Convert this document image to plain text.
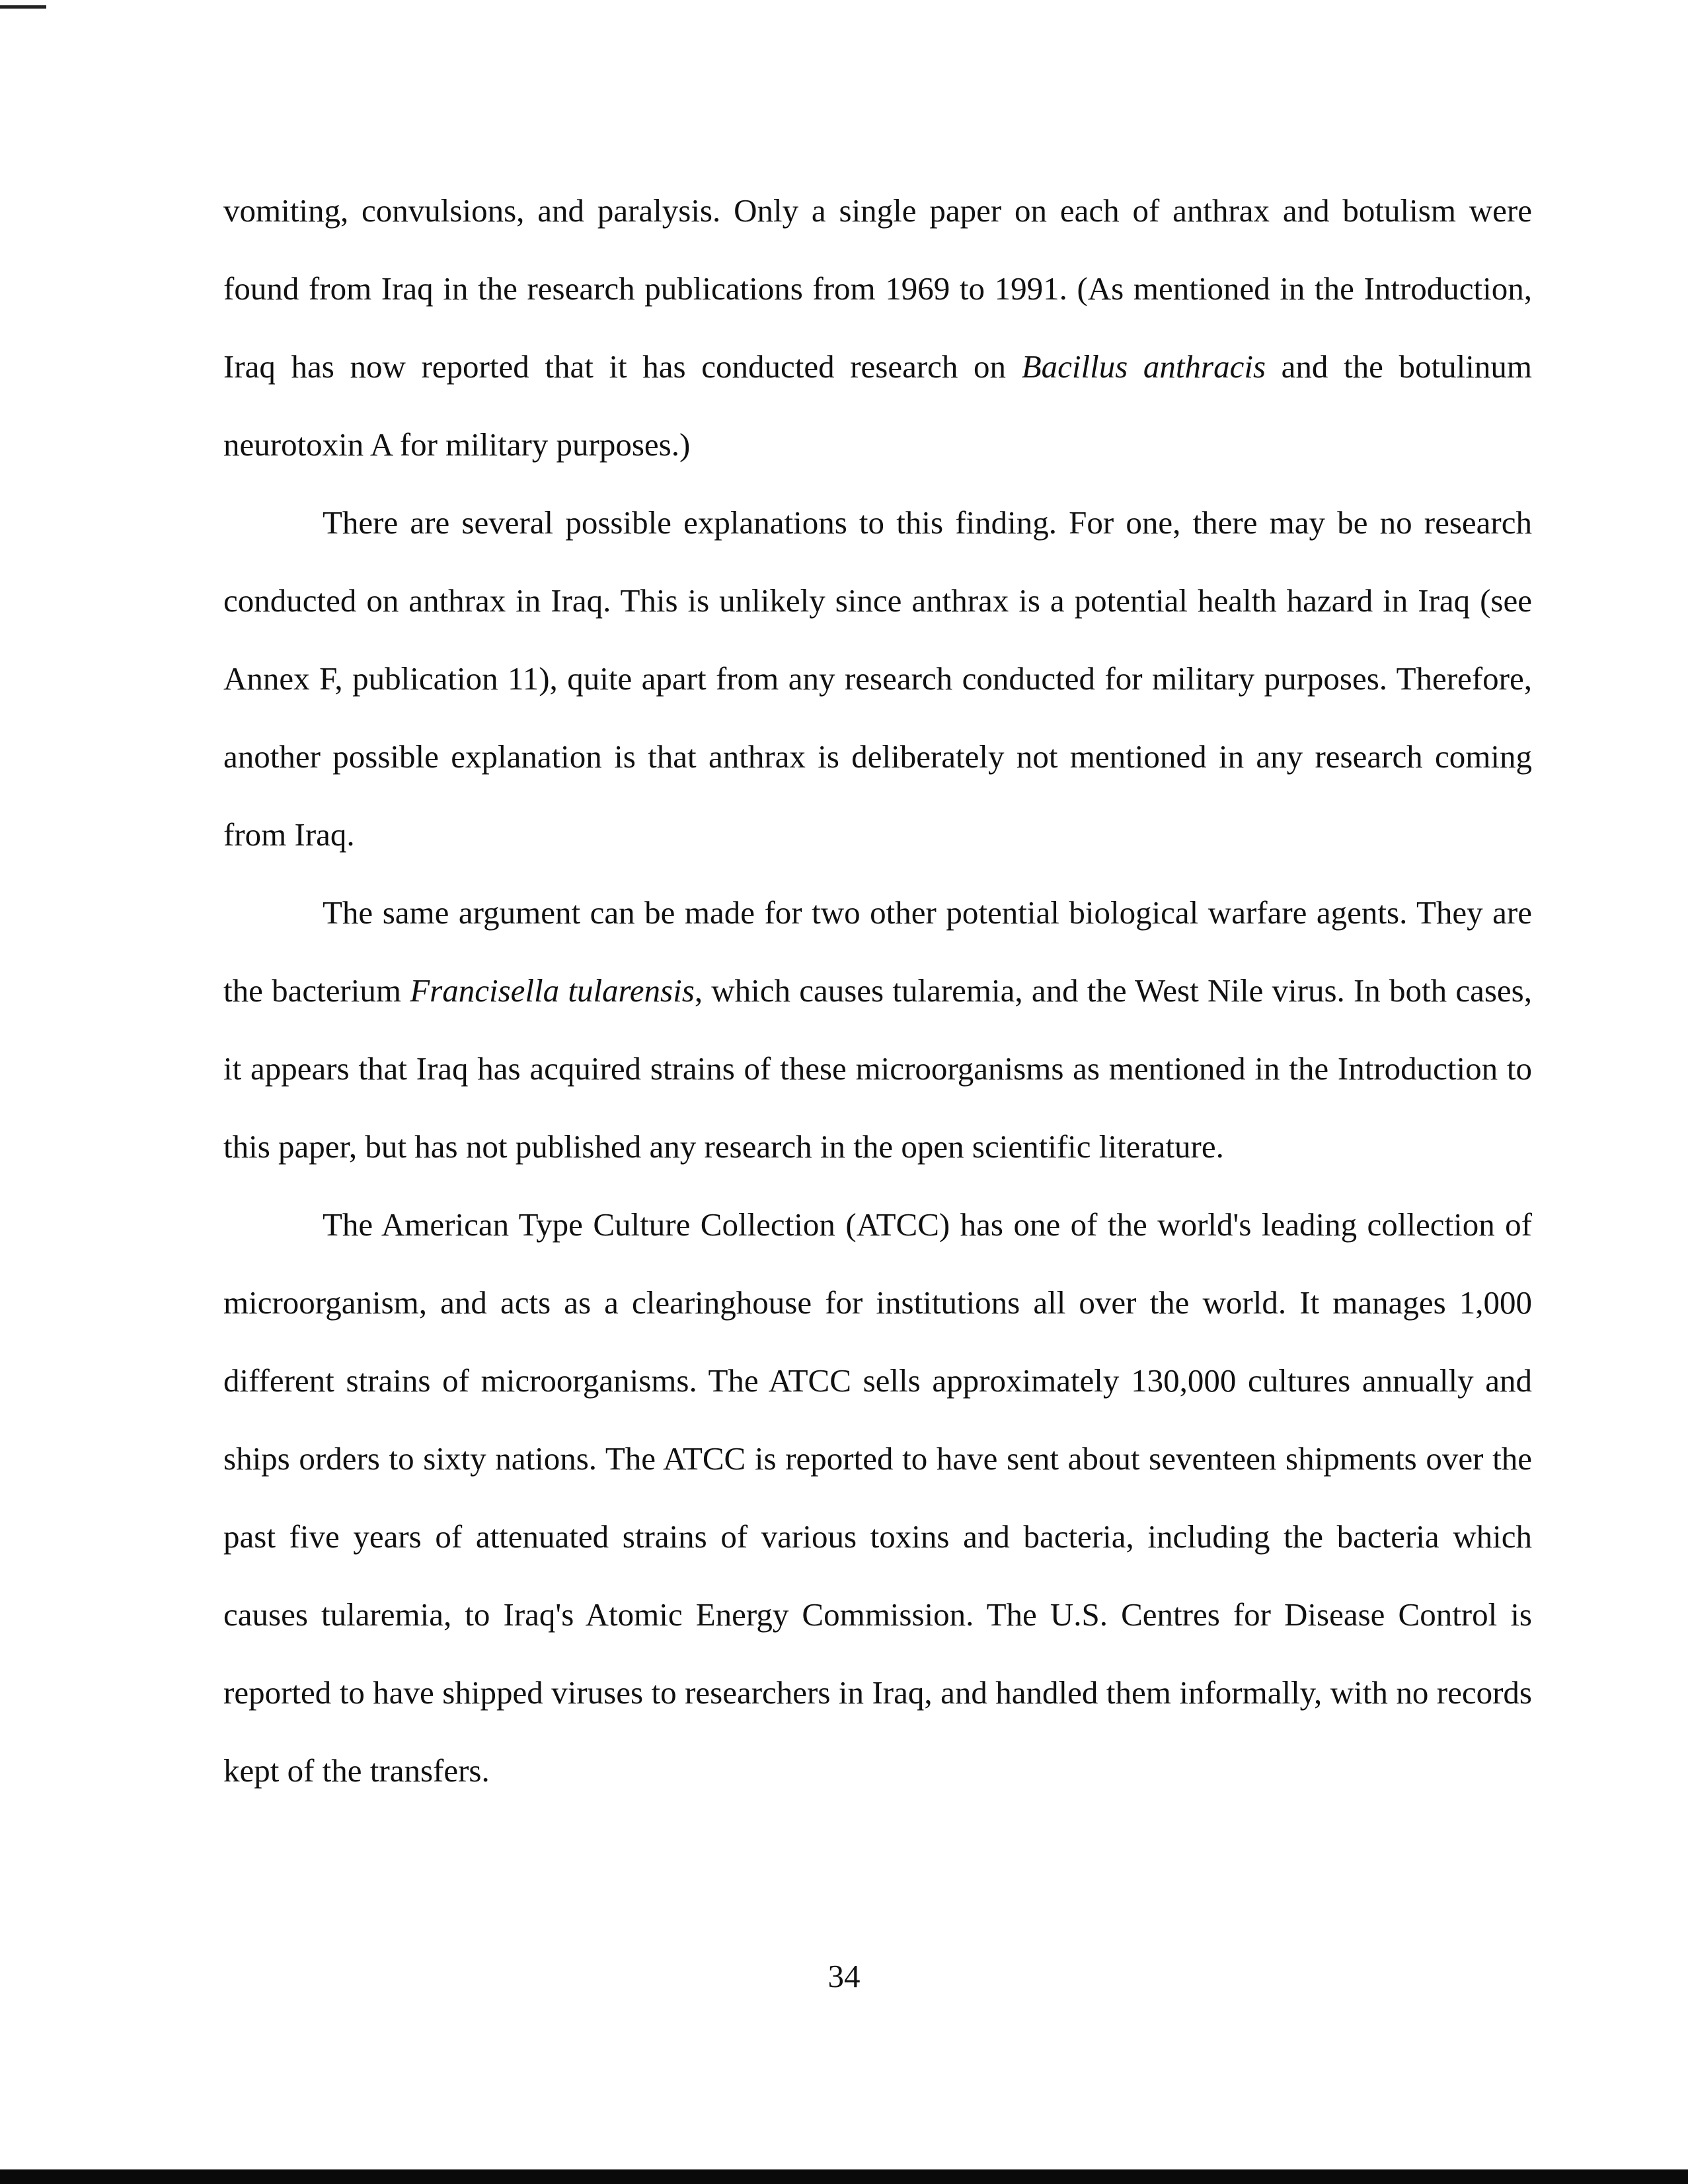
vomiting, convulsions, and paralysis. Only a single paper on each of anthrax and botulism were found from Iraq in the research publications from 1969 to 1991. (As mentioned in the Introduction, Iraq has now reported that it has conducted research on Bacillus anthracis and the botulinum neurotoxin A for military purposes.)

There are several possible explanations to this finding. For one, there may be no research conducted on anthrax in Iraq. This is unlikely since anthrax is a potential health hazard in Iraq (see Annex F, publication 11), quite apart from any research conducted for military purposes. Therefore, another possible explanation is that anthrax is deliberately not mentioned in any research coming from Iraq.

The same argument can be made for two other potential biological warfare agents. They are the bacterium Francisella tularensis, which causes tularemia, and the West Nile virus. In both cases, it appears that Iraq has acquired strains of these microorganisms as mentioned in the Introduction to this paper, but has not published any research in the open scientific literature.

The American Type Culture Collection (ATCC) has one of the world's leading collection of microorganism, and acts as a clearinghouse for institutions all over the world. It manages 1,000 different strains of microorganisms. The ATCC sells approximately 130,000 cultures annually and ships orders to sixty nations. The ATCC is reported to have sent about seventeen shipments over the past five years of attenuated strains of various toxins and bacteria, including the bacteria which causes tularemia, to Iraq's Atomic Energy Commission. The U.S. Centres for Disease Control is reported to have shipped viruses to researchers in Iraq, and handled them informally, with no records kept of the transfers.

34
